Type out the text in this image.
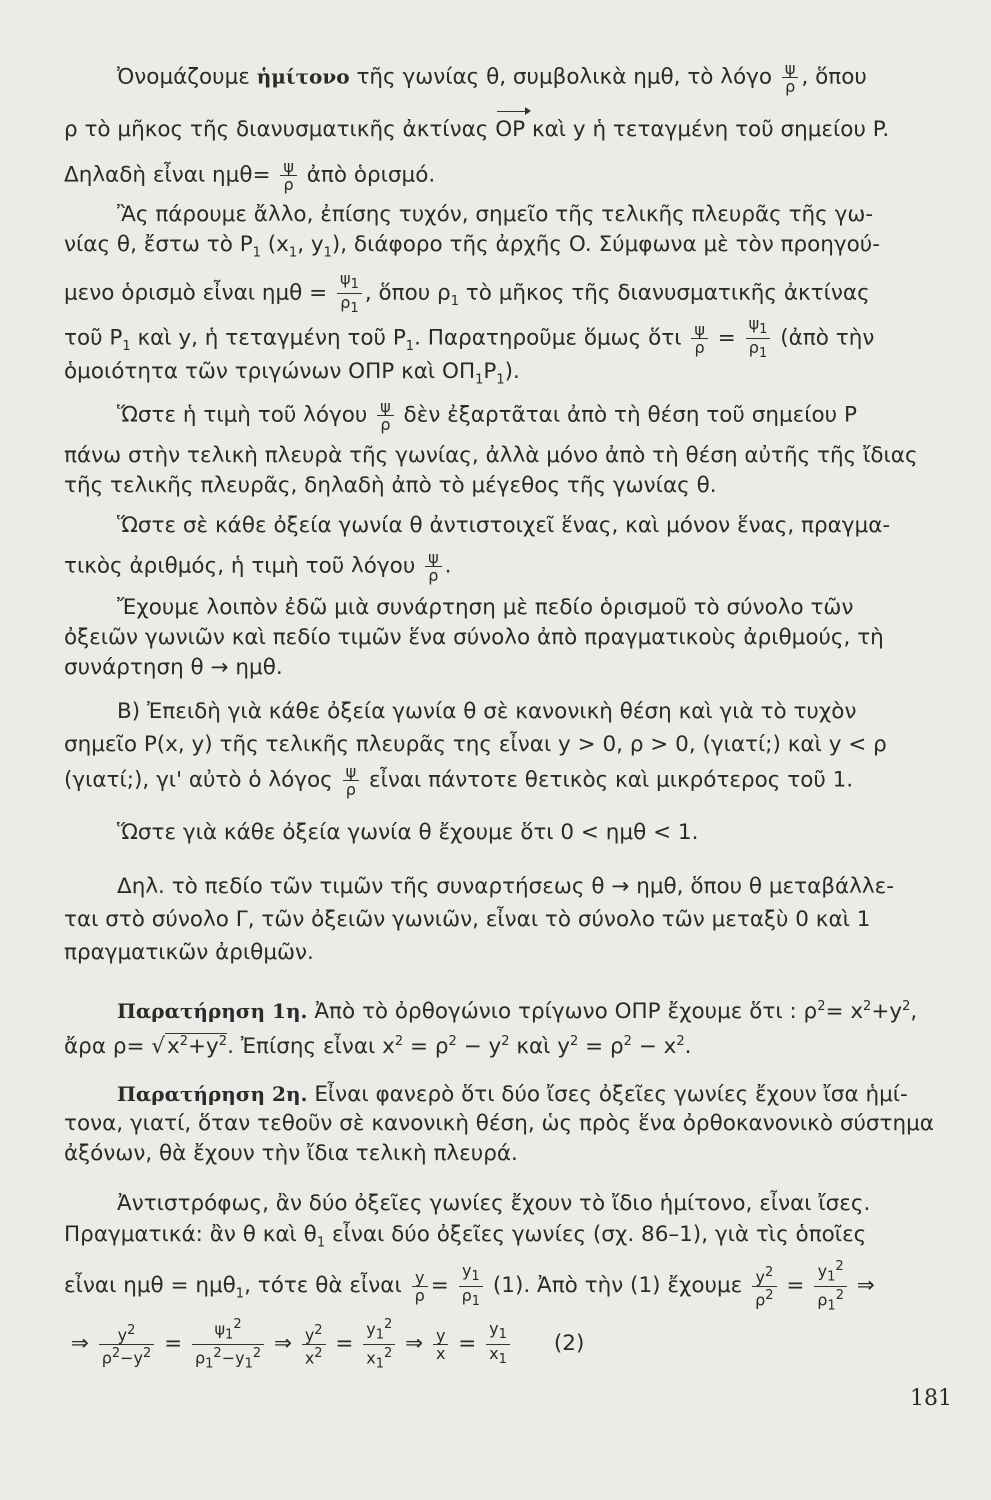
Ὀνομάζουμε ἡμίτονο τῆς γωνίας θ, συμβολικὰ ημθ, τὸ λόγο $\frac{\psi}{\rho}$ , ὅπου
ρ τὸ μῆκος τῆς διανυσματικῆς ἀκτίνας OP καὶ y ἡ τεταγμένη τοῦ σημείου P.
Δηλαδὴ εἶναι $\eta\mu\theta= \frac{\psi}{\rho}$ ἀπὸ ὁρισμό.
Ἂς πάρουμε ἄλλο, ἐπίσης τυχόν, σημεῖο τῆς τελικῆς πλευρᾶς τῆς γω-
νίας θ, ἔστω τὸ $P_1$ ($x_1$, $y_1$), διάφορο τῆς ἀρχῆς O. Σύμφωνα μὲ τὸν προηγού-
μενο ὁρισμὸ εἶναι $\eta\mu\theta = \frac{\psi_1}{\rho_1}$ , ὅπου $\rho_1$ τὸ μῆκος τῆς διανυσματικῆς ἀκτίνας
τοῦ $P_1$ καὶ y, ἡ τεταγμένη τοῦ $P_1$. Παρατηροῦμε ὅμως ὅτι $\frac{\psi}{\rho} = \frac{\psi_1}{\rho_1}$ (ἀπὸ τὴν
ὁμοιότητα τῶν τριγώνων OΠP καὶ $O\Pi_1P_1$).
Ὥστε ἡ τιμὴ τοῦ λόγου $\frac{\psi}{\rho}$ δὲν ἐξαρτᾶται ἀπὸ τὴ θέση τοῦ σημείου P
πάνω στὴν τελικὴ πλευρὰ τῆς γωνίας, ἀλλὰ μόνο ἀπὸ τὴ θέση αὐτῆς τῆς ἴδιας
τῆς τελικῆς πλευρᾶς, δηλαδὴ ἀπὸ τὸ μέγεθος τῆς γωνίας θ.
Ὥστε σὲ κάθε ὀξεία γωνία θ ἀντιστοιχεῖ ἕνας, καὶ μόνον ἕνας, πραγμα-
τικὸς ἀριθμός, ἡ τιμὴ τοῦ λόγου $\frac{\psi}{\rho}$ .
Ἔχουμε λοιπὸν ἐδῶ μιὰ συνάρτηση μὲ πεδίο ὁρισμοῦ τὸ σύνολο τῶν
ὀξειῶν γωνιῶν καὶ πεδίο τιμῶν ἕνα σύνολο ἀπὸ πραγματικοὺς ἀριθμούς, τὴ
συνάρτηση θ → ημθ.
B) Ἐπειδὴ γιὰ κάθε ὀξεία γωνία θ σὲ κανονικὴ θέση καὶ γιὰ τὸ τυχὸν
σημεῖο P(x, y) τῆς τελικῆς πλευρᾶς της εἶναι y > 0, ρ > 0, (γιατί;) καὶ y < ρ
(γιατί;), γι' αὐτὸ ὁ λόγος $\frac{\psi}{\rho}$ εἶναι πάντοτε θετικὸς καὶ μικρότερος τοῦ 1.
Ὥστε γιὰ κάθε ὀξεία γωνία θ ἔχουμε ὅτι 0 < ημθ < 1.
Δηλ. τὸ πεδίο τῶν τιμῶν τῆς συναρτήσεως θ → ημθ, ὅπου θ μεταβάλλε-
ται στὸ σύνολο Γ, τῶν ὀξειῶν γωνιῶν, εἶναι τὸ σύνολο τῶν μεταξὺ 0 καὶ 1
πραγματικῶν ἀριθμῶν.
Παρατήρηση 1η. Ἀπὸ τὸ ὀρθογώνιο τρίγωνο OΠP ἔχουμε ὅτι : $\rho^2= x^2+y^2$,
ἄρα $\rho= √x^2+y^2$. Ἐπίσης εἶναι $x^2 = \rho^2 - y^2$ καὶ $y^2 = \rho^2 - x^2$.
Παρατήρηση 2η. Εἶναι φανερὸ ὅτι δύο ἴσες ὀξεῖες γωνίες ἔχουν ἴσα ἡμί-
τονα, γιατί, ὅταν τεθοῦν σὲ κανονικὴ θέση, ὡς πρὸς ἕνα ὀρθοκανονικὸ σύστημα
ἀξόνων, θὰ ἔχουν τὴν ἴδια τελικὴ πλευρά.
Ἀντιστρόφως, ἂν δύο ὀξεῖες γωνίες ἔχουν τὸ ἴδιο ἡμίτονο, εἶναι ἴσες.
Πραγματικά: ἂν θ καὶ $\theta_1$ εἶναι δύο ὀξεῖες γωνίες (σχ. 86–1), γιὰ τὶς ὁποῖες
εἶναι ημθ = ημθ$_1$, τότε θὰ εἶναι $\frac{y}{\rho} = \frac{y_1}{\rho_1} (1)$. Ἀπὸ τὴν (1) ἔχουμε $\frac{y^2}{\rho^2} = \frac{y_1^2}{\rho_1^2}$ ⇒
⇒ $\frac{y^2}{\rho^2-y^2} = \frac{\psi_1^2}{\rho_1^2-y_1^2}$ ⇒ $\frac{y^2}{x^2} = \frac{y_1^2}{x_1^2}$ ⇒ $\frac{y}{x} = \frac{y_1}{x_1} (2)$
181
